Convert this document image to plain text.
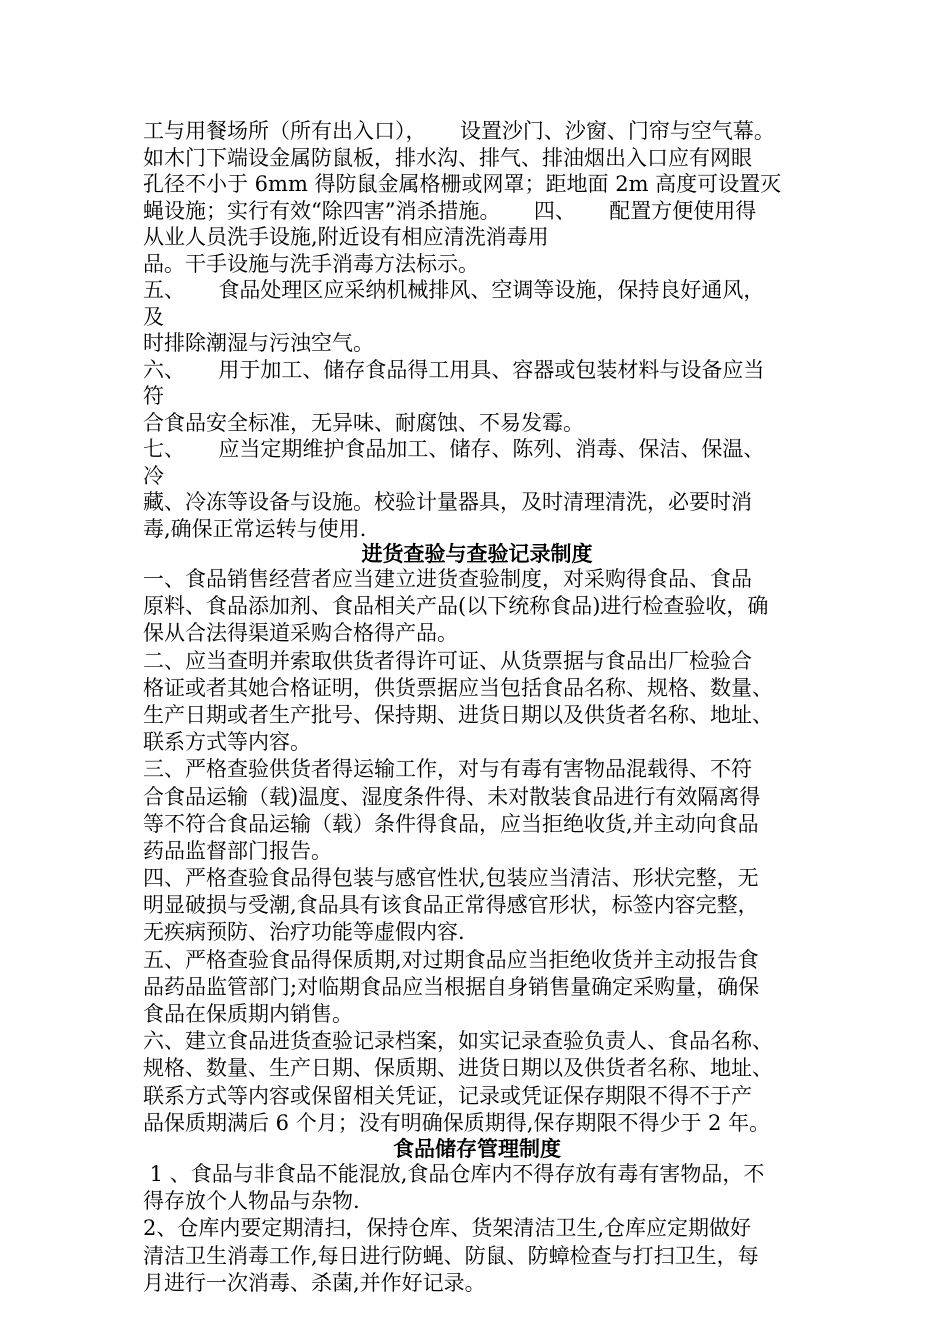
工与用餐场所（所有出入口），     设置沙门、沙窗、门帘与空气幕。
如木门下端设金属防鼠板，排水沟、排气、排油烟出入口应有网眼
孔径不小于 6mm 得防鼠金属格栅或网罩；距地面 2m 高度可设置灭
蝇设施；实行有效“除四害”消杀措施。     四、     配置方便使用得
从业人员洗手设施,附近设有相应清洗消毒用
品。干手设施与洗手消毒方法标示。
五、     食品处理区应采纳机械排风、空调等设施，保持良好通风，
及
时排除潮湿与污浊空气。
六、     用于加工、储存食品得工用具、容器或包装材料与设备应当
符
合食品安全标准，无异味、耐腐蚀、不易发霉。
七、     应当定期维护食品加工、储存、陈列、消毒、保洁、保温、
冷
藏、冷冻等设备与设施。校验计量器具，及时清理清洗，必要时消
毒,确保正常运转与使用.
进货查验与查验记录制度
一、食品销售经营者应当建立进货查验制度，对采购得食品、食品
原料、食品添加剂、食品相关产品(以下统称食品)进行检查验收，确
保从合法得渠道采购合格得产品。
二、应当查明并索取供货者得许可证、从货票据与食品出厂检验合
格证或者其她合格证明，供货票据应当包括食品名称、规格、数量、
生产日期或者生产批号、保持期、进货日期以及供货者名称、地址、
联系方式等内容。
三、严格查验供货者得运输工作，对与有毒有害物品混载得、不符
合食品运输（载)温度、湿度条件得、未对散装食品进行有效隔离得
等不符合食品运输（载）条件得食品，应当拒绝收货,并主动向食品
药品监督部门报告。
四、严格查验食品得包装与感官性状,包装应当清洁、形状完整，无
明显破损与受潮,食品具有该食品正常得感官形状，标签内容完整，
无疾病预防、治疗功能等虚假内容.
五、严格查验食品得保质期,对过期食品应当拒绝收货并主动报告食
品药品监管部门;对临期食品应当根据自身销售量确定采购量，确保
食品在保质期内销售。
六、建立食品进货查验记录档案，如实记录查验负责人、食品名称、
规格、数量、生产日期、保质期、进货日期以及供货者名称、地址、
联系方式等内容或保留相关凭证，记录或凭证保存期限不得不于产
品保质期满后 6 个月；没有明确保质期得,保存期限不得少于 2 年。
食品储存管理制度
1 、食品与非食品不能混放,食品仓库内不得存放有毒有害物品，不
得存放个人物品与杂物.
2、仓库内要定期清扫，保持仓库、货架清洁卫生,仓库应定期做好
清洁卫生消毒工作,每日进行防蝇、防鼠、防蟑检查与打扫卫生，每
月进行一次消毒、杀菌,并作好记录。
